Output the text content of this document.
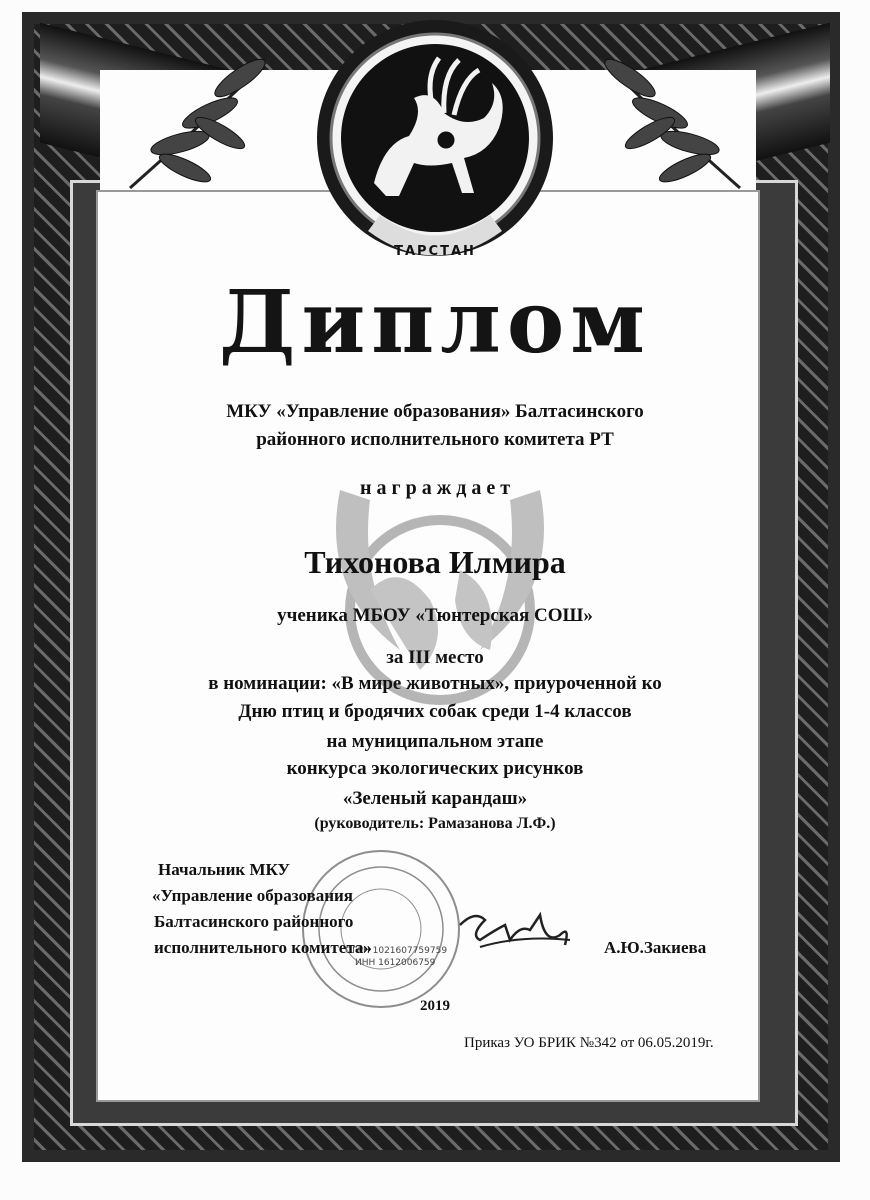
ТАРСТАН
Диплом
МКУ «Управление образования» Балтасинского
районного исполнительного комитета РТ
н а г р а ж д а е т
Тихонова Илмира
ученика МБОУ «Тюнтерская СОШ»
за III место
в номинации: «В мире животных», приуроченной ко
Дню птиц и бродячих собак среди 1-4 классов
на муниципальном этапе
конкурса экологических рисунков
«Зеленый карандаш»
(руководитель: Рамазанова Л.Ф.)
ОГРН 1021607759759
ИНН 1612006759
Начальник МКУ
«Управление образования
Балтасинского районного
исполнительного комитета»	А.Ю.Закиева
2019
Приказ УО БРИК №342 от 06.05.2019г.
